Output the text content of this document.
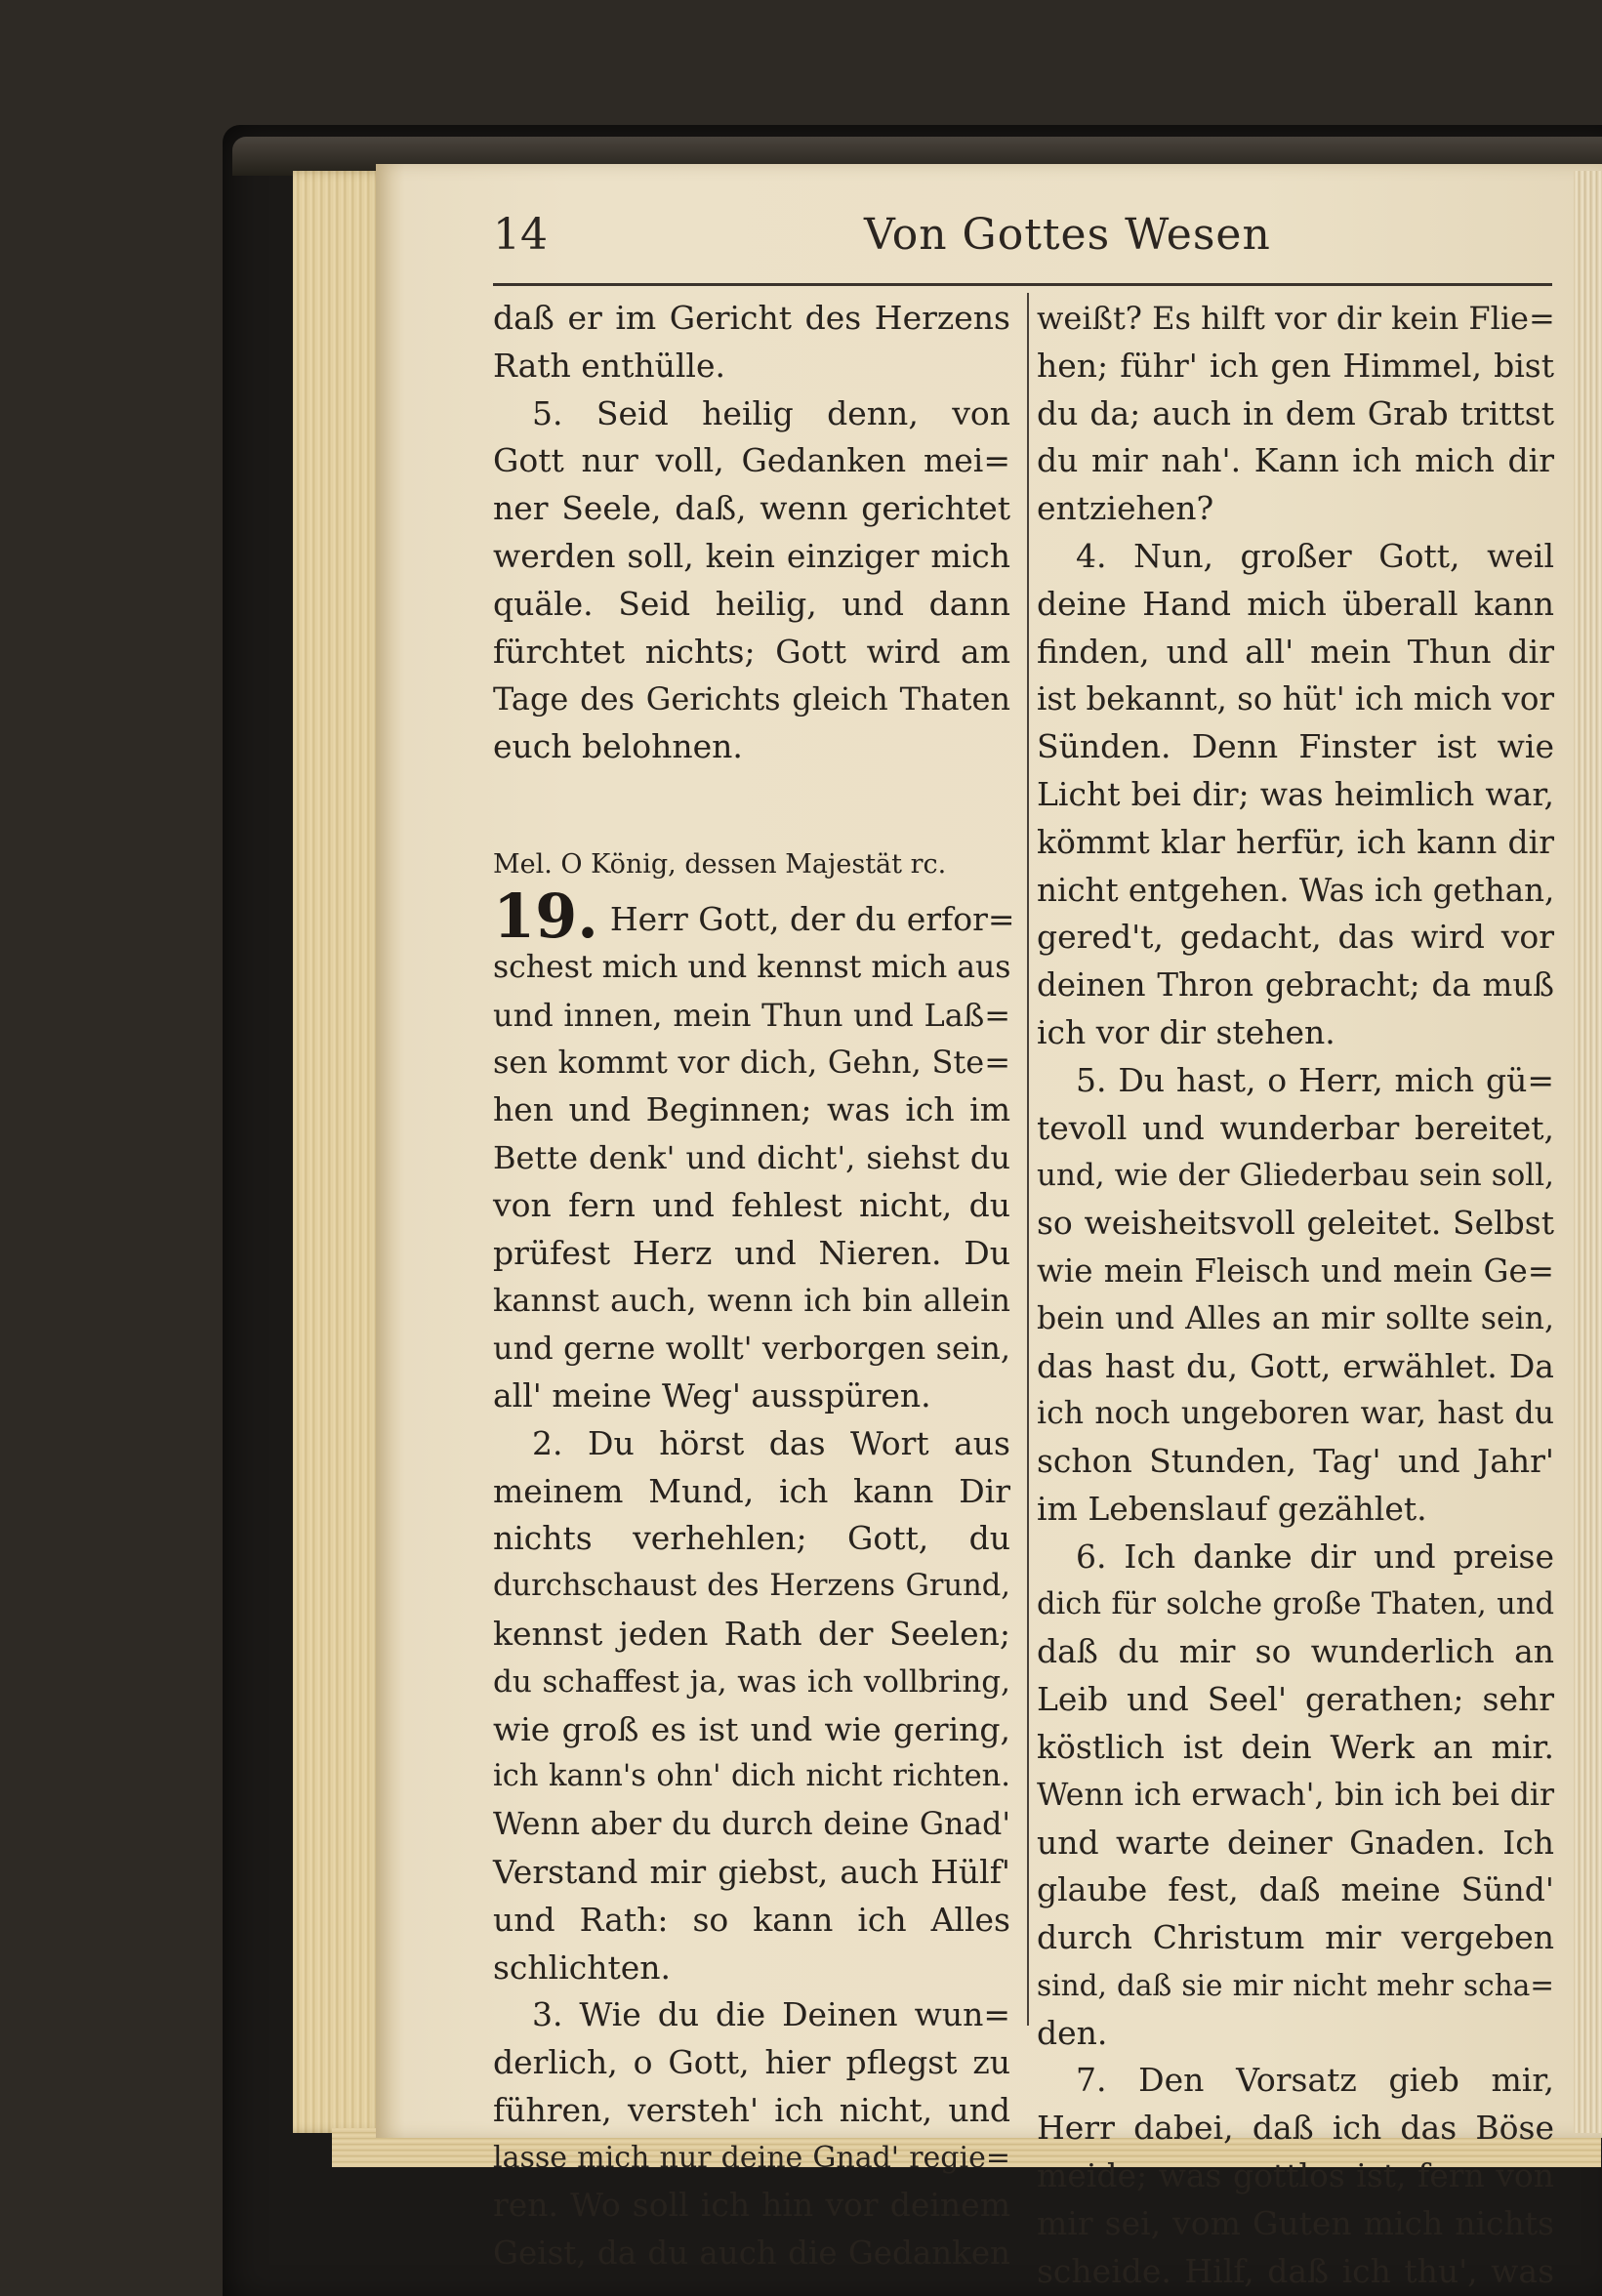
14	Von Gottes Wesen
daß er im Gericht des Herzens
Rath enthülle.
5. Seid heilig denn, von
Gott nur voll, Gedanken mei=
ner Seele, daß, wenn gerichtet
werden soll, kein einziger mich
quäle. Seid heilig, und dann
fürchtet nichts; Gott wird am
Tage des Gerichts gleich Thaten
euch belohnen.
Mel. O König, dessen Majestät rc.
19. Herr Gott, der du erfor=
schest mich und kennst mich aus
und innen, mein Thun und Laß=
sen kommt vor dich, Gehn, Ste=
hen und Beginnen; was ich im
Bette denk' und dicht', siehst du
von fern und fehlest nicht, du
prüfest Herz und Nieren. Du
kannst auch, wenn ich bin allein
und gerne wollt' verborgen sein,
all' meine Weg' ausspüren.
2. Du hörst das Wort aus
meinem Mund, ich kann Dir
nichts verhehlen; Gott, du
durchschaust des Herzens Grund,
kennst jeden Rath der Seelen;
du schaffest ja, was ich vollbring,
wie groß es ist und wie gering,
ich kann's ohn' dich nicht richten.
Wenn aber du durch deine Gnad'
Verstand mir giebst, auch Hülf'
und Rath: so kann ich Alles
schlichten.
3. Wie du die Deinen wun=
derlich, o Gott, hier pflegst zu
führen, versteh' ich nicht, und
lasse mich nur deine Gnad' regie=
ren. Wo soll ich hin vor deinem
Geist, da du auch die Gedanken
weißt? Es hilft vor dir kein Flie=
hen; führ' ich gen Himmel, bist
du da; auch in dem Grab trittst
du mir nah'. Kann ich mich dir
entziehen?
4. Nun, großer Gott, weil
deine Hand mich überall kann
finden, und all' mein Thun dir
ist bekannt, so hüt' ich mich vor
Sünden. Denn Finster ist wie
Licht bei dir; was heimlich war,
kömmt klar herfür, ich kann dir
nicht entgehen. Was ich gethan,
gered't, gedacht, das wird vor
deinen Thron gebracht; da muß
ich vor dir stehen.
5. Du hast, o Herr, mich gü=
tevoll und wunderbar bereitet,
und, wie der Gliederbau sein soll,
so weisheitsvoll geleitet. Selbst
wie mein Fleisch und mein Ge=
bein und Alles an mir sollte sein,
das hast du, Gott, erwählet. Da
ich noch ungeboren war, hast du
schon Stunden, Tag' und Jahr'
im Lebenslauf gezählet.
6. Ich danke dir und preise
dich für solche große Thaten, und
daß du mir so wunderlich an
Leib und Seel' gerathen; sehr
köstlich ist dein Werk an mir.
Wenn ich erwach', bin ich bei dir
und warte deiner Gnaden. Ich
glaube fest, daß meine Sünd'
durch Christum mir vergeben
sind, daß sie mir nicht mehr scha=
den.
7. Den Vorsatz gieb mir,
Herr dabei, daß ich das Böse
meide; was gottlos ist, fern von
mir sei, vom Guten mich nichts
scheide. Hilf, daß ich thu', was
